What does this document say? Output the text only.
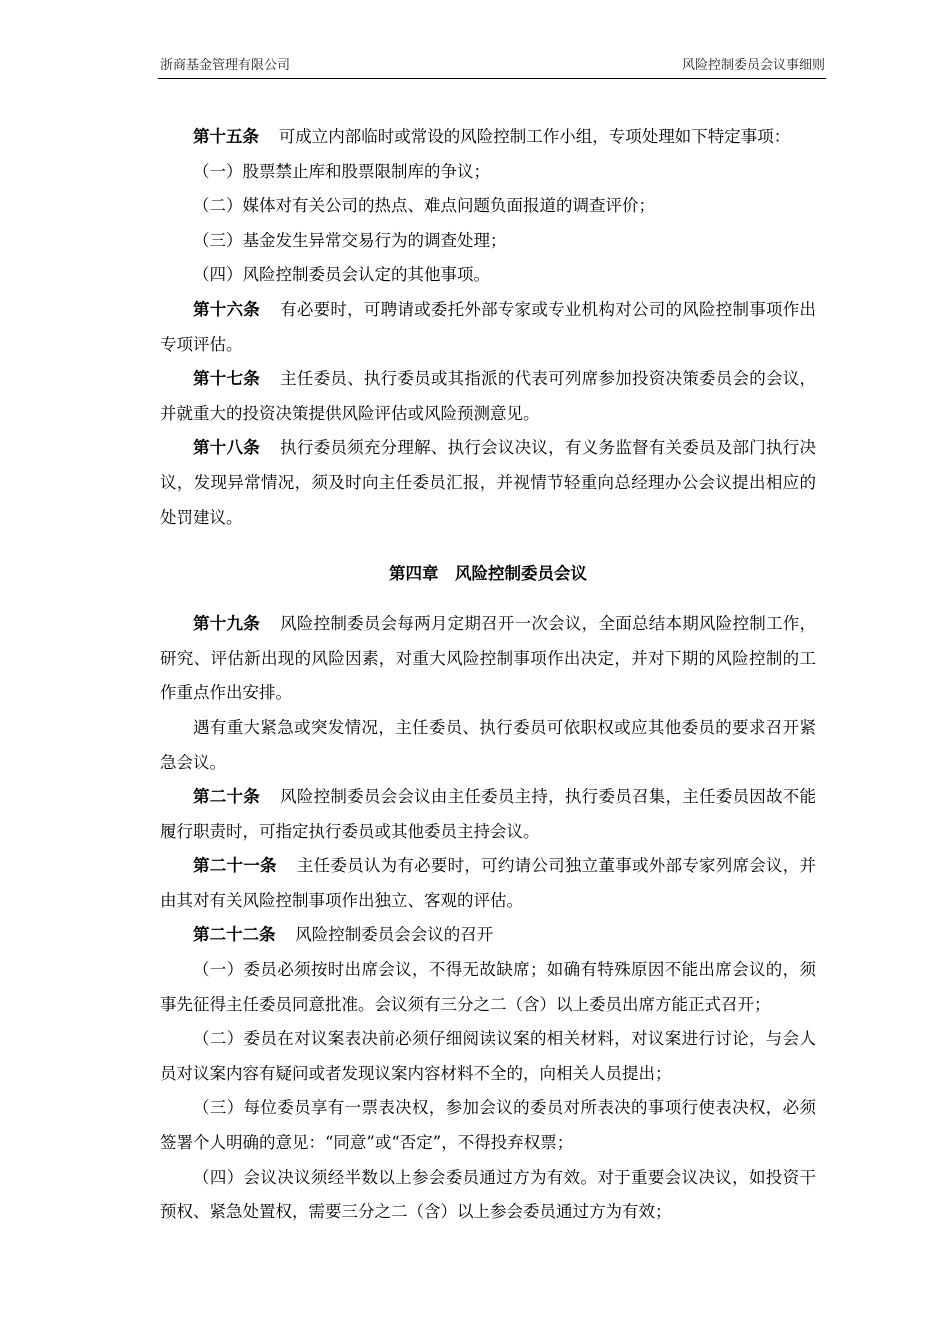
浙商基金管理有限公司	风险控制委员会议事细则

第十五条 可成立内部临时或常设的风险控制工作小组，专项处理如下特定事项：

（一）股票禁止库和股票限制库的争议；

（二）媒体对有关公司的热点、难点问题负面报道的调查评价；

（三）基金发生异常交易行为的调查处理；

（四）风险控制委员会认定的其他事项。

第十六条 有必要时，可聘请或委托外部专家或专业机构对公司的风险控制事项作出专项评估。

第十七条 主任委员、执行委员或其指派的代表可列席参加投资决策委员会的会议，并就重大的投资决策提供风险评估或风险预测意见。

第十八条 执行委员须充分理解、执行会议决议，有义务监督有关委员及部门执行决议，发现异常情况，须及时向主任委员汇报，并视情节轻重向总经理办公会议提出相应的处罚建议。

第四章　风险控制委员会议

第十九条 风险控制委员会每两月定期召开一次会议，全面总结本期风险控制工作，研究、评估新出现的风险因素，对重大风险控制事项作出决定，并对下期的风险控制的工作重点作出安排。

遇有重大紧急或突发情况，主任委员、执行委员可依职权或应其他委员的要求召开紧急会议。

第二十条 风险控制委员会会议由主任委员主持，执行委员召集，主任委员因故不能履行职责时，可指定执行委员或其他委员主持会议。

第二十一条 主任委员认为有必要时，可约请公司独立董事或外部专家列席会议，并由其对有关风险控制事项作出独立、客观的评估。

第二十二条 风险控制委员会会议的召开

（一）委员必须按时出席会议，不得无故缺席；如确有特殊原因不能出席会议的，须事先征得主任委员同意批准。会议须有三分之二（含）以上委员出席方能正式召开；

（二）委员在对议案表决前必须仔细阅读议案的相关材料，对议案进行讨论，与会人员对议案内容有疑问或者发现议案内容材料不全的，向相关人员提出；

（三）每位委员享有一票表决权，参加会议的委员对所表决的事项行使表决权，必须签署个人明确的意见：“同意”或“否定”，不得投弃权票；

（四）会议决议须经半数以上参会委员通过方为有效。对于重要会议决议，如投资干预权、紧急处置权，需要三分之二（含）以上参会委员通过方为有效；
